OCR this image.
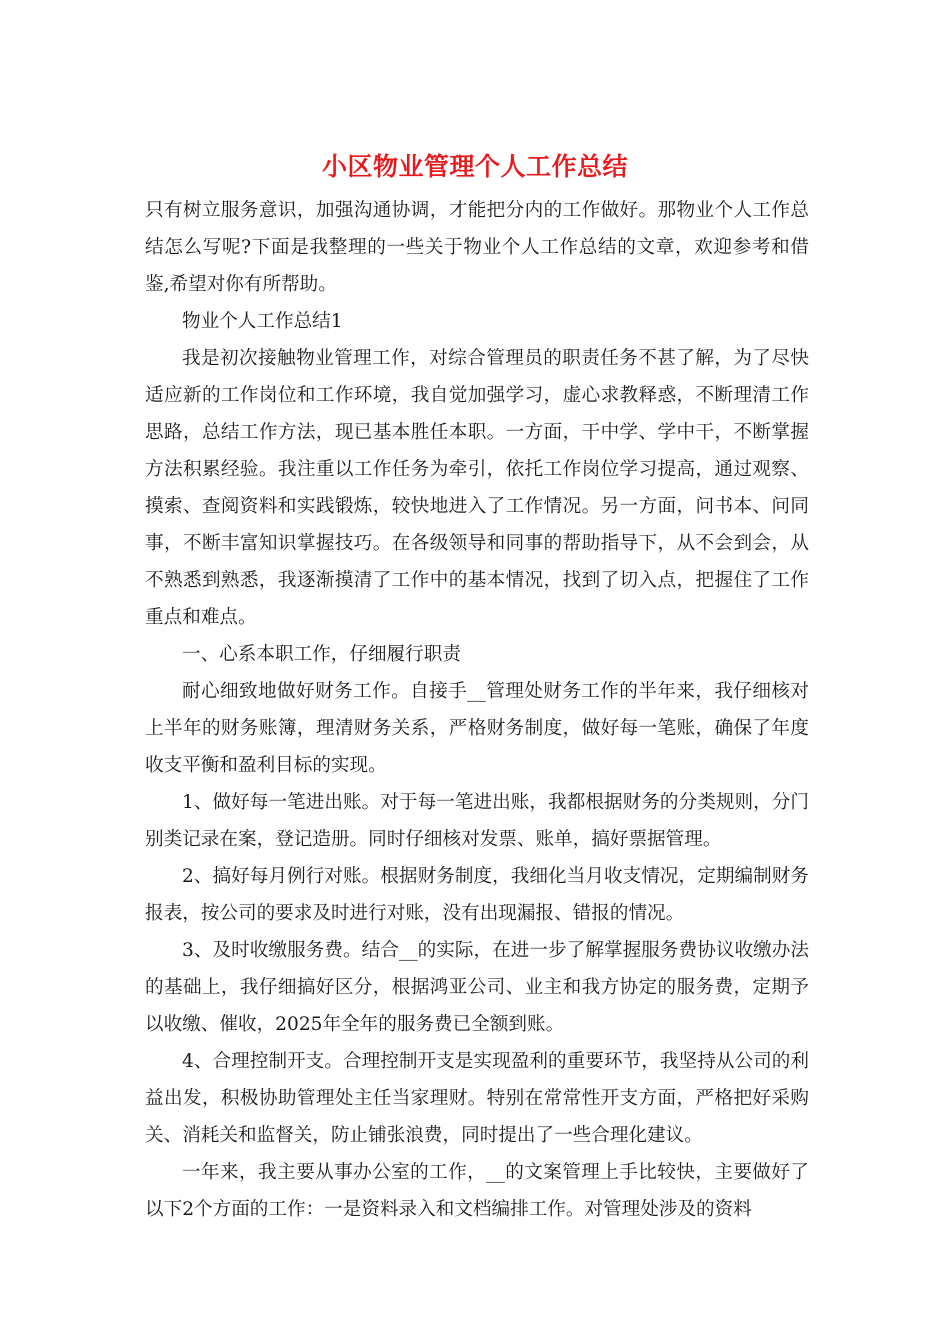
小区物业管理个人工作总结

只有树立服务意识，加强沟通协调，才能把分内的工作做好。那物业个人工作总结怎么写呢?下面是我整理的一些关于物业个人工作总结的文章，欢迎参考和借鉴,希望对你有所帮助。

物业个人工作总结1

我是初次接触物业管理工作，对综合管理员的职责任务不甚了解，为了尽快适应新的工作岗位和工作环境，我自觉加强学习，虚心求教释惑，不断理清工作思路，总结工作方法，现已基本胜任本职。一方面，干中学、学中干，不断掌握方法积累经验。我注重以工作任务为牵引，依托工作岗位学习提高，通过观察、摸索、查阅资料和实践锻炼，较快地进入了工作情况。另一方面，问书本、问同事，不断丰富知识掌握技巧。在各级领导和同事的帮助指导下，从不会到会，从不熟悉到熟悉，我逐渐摸清了工作中的基本情况，找到了切入点，把握住了工作重点和难点。

一、心系本职工作，仔细履行职责

耐心细致地做好财务工作。自接手__管理处财务工作的半年来，我仔细核对上半年的财务账簿，理清财务关系，严格财务制度，做好每一笔账，确保了年度收支平衡和盈利目标的实现。

1、做好每一笔进出账。对于每一笔进出账，我都根据财务的分类规则，分门别类记录在案，登记造册。同时仔细核对发票、账单，搞好票据管理。

2、搞好每月例行对账。根据财务制度，我细化当月收支情况，定期编制财务报表，按公司的要求及时进行对账，没有出现漏报、错报的情况。

3、及时收缴服务费。结合__的实际，在进一步了解掌握服务费协议收缴办法的基础上，我仔细搞好区分，根据鸿亚公司、业主和我方协定的服务费，定期予以收缴、催收，2025年全年的服务费已全额到账。

4、合理控制开支。合理控制开支是实现盈利的重要环节，我坚持从公司的利益出发，积极协助管理处主任当家理财。特别在常常性开支方面，严格把好采购关、消耗关和监督关，防止铺张浪费，同时提出了一些合理化建议。

一年来，我主要从事办公室的工作，__的文案管理上手比较快，主要做好了以下2个方面的工作：一是资料录入和文档编排工作。对管理处涉及的资料
